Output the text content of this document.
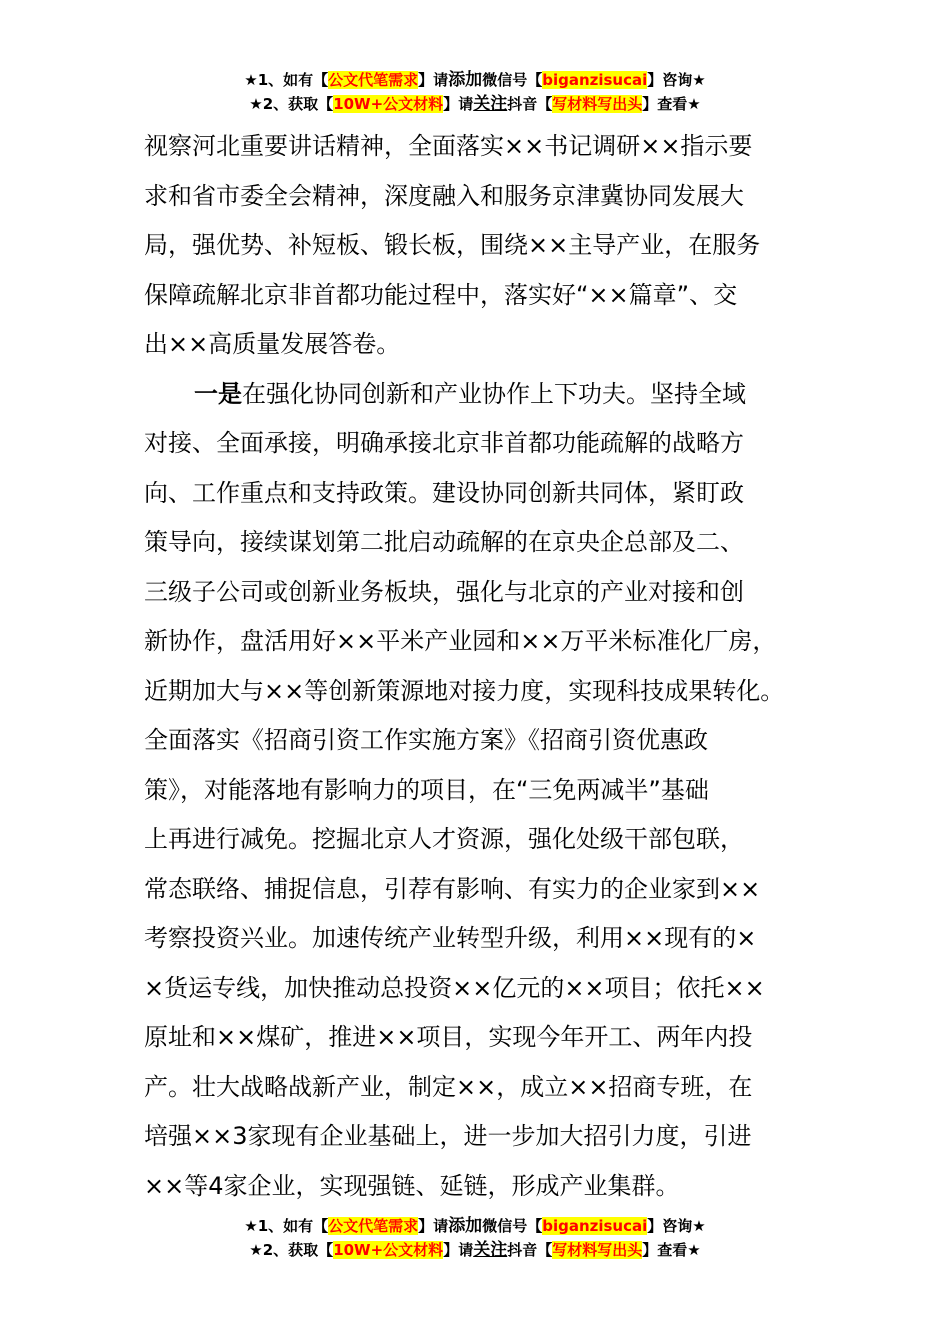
★1、如有【公文代笔需求】请添加微信号【biganzisucai】咨询★
★2、获取【10W+公文材料】请关注抖音【写材料写出头】查看★
视察河北重要讲话精神，全面落实××书记调研××指示要
求和省市委全会精神，深度融入和服务京津冀协同发展大
局，强优势、补短板、锻长板，围绕××主导产业，在服务
保障疏解北京非首都功能过程中，落实好“××篇章”、交
出××高质量发展答卷。
一是在强化协同创新和产业协作上下功夫。坚持全域
对接、全面承接，明确承接北京非首都功能疏解的战略方
向、工作重点和支持政策。建设协同创新共同体，紧盯政
策导向，接续谋划第二批启动疏解的在京央企总部及二、
三级子公司或创新业务板块，强化与北京的产业对接和创
新协作，盘活用好××平米产业园和××万平米标准化厂房，
近期加大与××等创新策源地对接力度，实现科技成果转化。
全面落实《招商引资工作实施方案》《招商引资优惠政
策》，对能落地有影响力的项目，在“三免两减半”基础
上再进行减免。挖掘北京人才资源，强化处级干部包联，
常态联络、捕捉信息，引荐有影响、有实力的企业家到××
考察投资兴业。加速传统产业转型升级，利用××现有的×
×货运专线，加快推动总投资××亿元的××项目；依托××
原址和××煤矿，推进××项目，实现今年开工、两年内投
产。壮大战略战新产业，制定××，成立××招商专班，在
培强××3家现有企业基础上，进一步加大招引力度，引进
××等4家企业，实现强链、延链，形成产业集群。
★1、如有【公文代笔需求】请添加微信号【biganzisucai】咨询★
★2、获取【10W+公文材料】请关注抖音【写材料写出头】查看★
